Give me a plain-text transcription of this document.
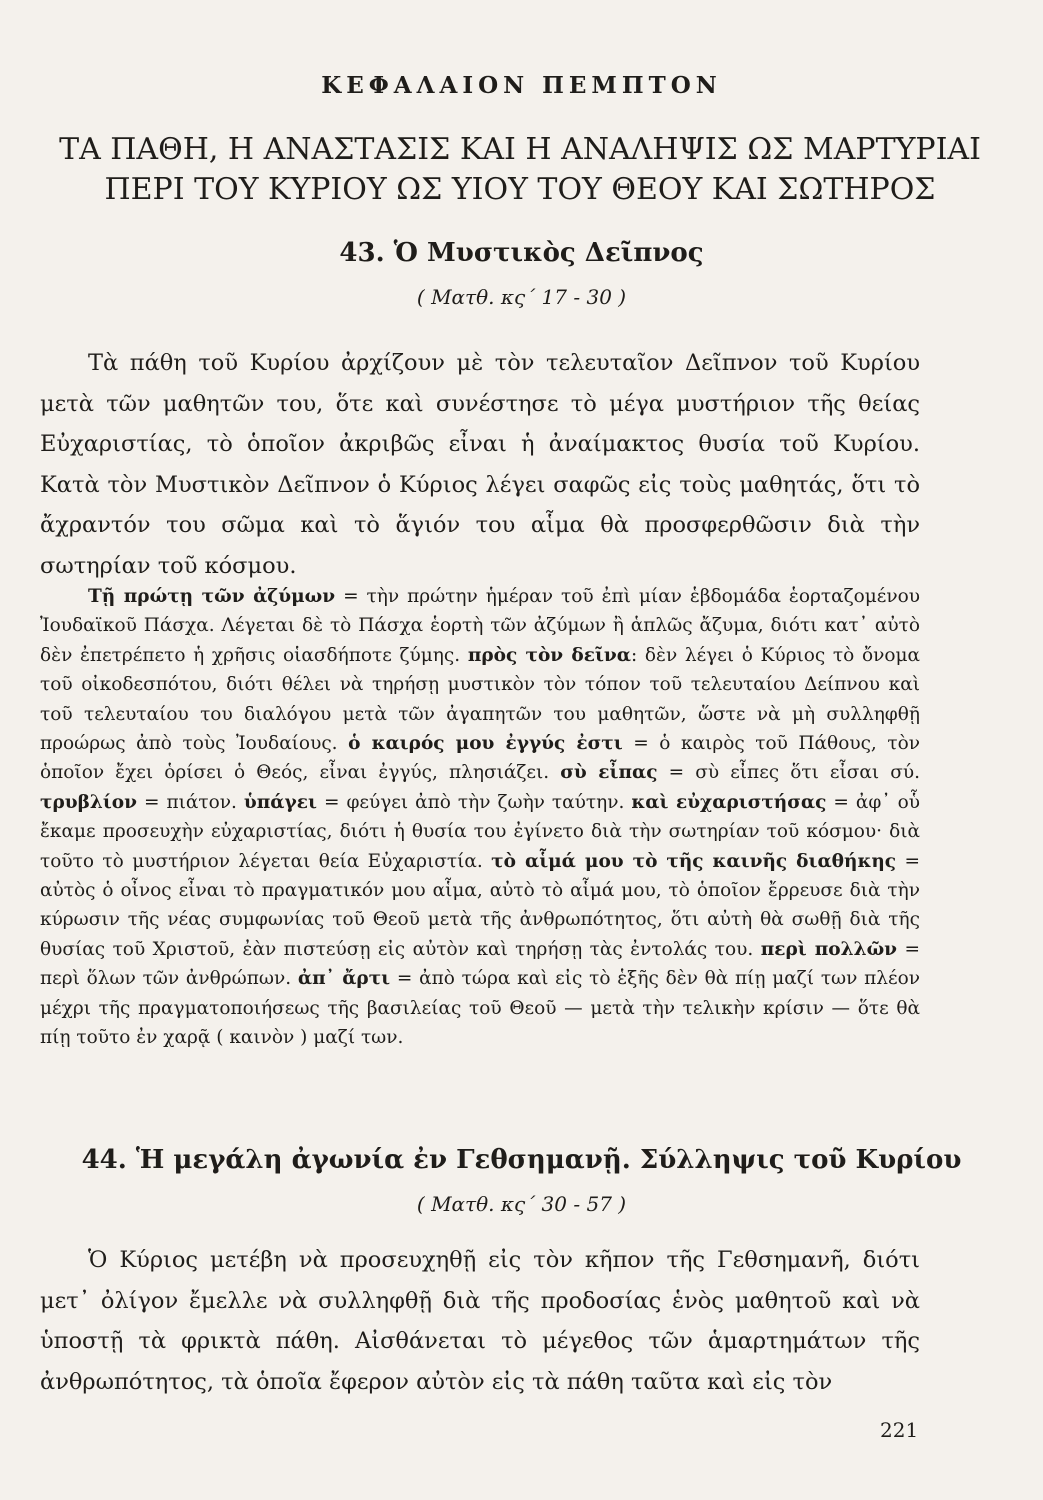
ΚΕΦΑΛΑΙΟΝ ΠΕΜΠΤΟΝ
ΤΑ ΠΑΘΗ, Η ΑΝΑΣΤΑΣΙΣ ΚΑΙ Η ΑΝΑΛΗΨΙΣ ΩΣ ΜΑΡΤΥΡΙΑΙ ΠΕΡΙ ΤΟΥ ΚΥΡΙΟΥ ΩΣ ΥΙΟΥ ΤΟΥ ΘΕΟΥ ΚΑΙ ΣΩΤΗΡΟΣ
43. Ὁ Μυστικὸς Δεῖπνος
( Ματθ. κς΄ 17 - 30 )

Τὰ πάθη τοῦ Κυρίου ἀρχίζουν μὲ τὸν τελευταῖον Δεῖπνον τοῦ Κυρίου μετὰ τῶν μαθητῶν του, ὅτε καὶ συνέστησε τὸ μέγα μυστήριον τῆς θείας Εὐχαριστίας, τὸ ὁποῖον ἀκριβῶς εἶναι ἡ ἀναίμακτος θυσία τοῦ Κυρίου. Κατὰ τὸν Μυστικὸν Δεῖπνον ὁ Κύριος λέγει σαφῶς εἰς τοὺς μαθητάς, ὅτι τὸ ἄχραντόν του σῶμα καὶ τὸ ἅγιόν του αἷμα θὰ προσφερθῶσιν διὰ τὴν σωτηρίαν τοῦ κόσμου.

Τῇ πρώτῃ τῶν ἀζύμων = τὴν πρώτην ἡμέραν τοῦ ἐπὶ μίαν ἑβδομάδα ἑορταζομένου Ἰουδαϊκοῦ Πάσχα. Λέγεται δὲ τὸ Πάσχα ἑορτὴ τῶν ἀζύμων ἢ ἁπλῶς ἄζυμα, διότι κατ᾽ αὐτὸ δὲν ἐπετρέπετο ἡ χρῆσις οἱασδήποτε ζύμης. πρὸς τὸν δεῖνα: δὲν λέγει ὁ Κύριος τὸ ὄνομα τοῦ οἰκοδεσπότου, διότι θέλει νὰ τηρήσῃ μυστικὸν τὸν τόπον τοῦ τελευταίου Δείπνου καὶ τοῦ τελευταίου του διαλόγου μετὰ τῶν ἀγαπητῶν του μαθητῶν, ὥστε νὰ μὴ συλληφθῇ προώρως ἀπὸ τοὺς Ἰουδαίους. ὁ καιρός μου ἐγγύς ἐστι = ὁ καιρὸς τοῦ Πάθους, τὸν ὁποῖον ἔχει ὁρίσει ὁ Θεός, εἶναι ἐγγύς, πλησιάζει. σὺ εἶπας = σὺ εἶπες ὅτι εἶσαι σύ. τρυβλίον = πιάτον. ὑπάγει = φεύγει ἀπὸ τὴν ζωὴν ταύτην. καὶ εὐχαριστήσας = ἀφ᾽ οὗ ἔκαμε προσευχὴν εὐχαριστίας, διότι ἡ θυσία του ἐγίνετο διὰ τὴν σωτηρίαν τοῦ κόσμου· διὰ τοῦτο τὸ μυστήριον λέγεται θεία Εὐχαριστία. τὸ αἷμά μου τὸ τῆς καινῆς διαθήκης = αὐτὸς ὁ οἶνος εἶναι τὸ πραγματικόν μου αἷμα, αὐτὸ τὸ αἷμά μου, τὸ ὁποῖον ἔρρευσε διὰ τὴν κύρωσιν τῆς νέας συμφωνίας τοῦ Θεοῦ μετὰ τῆς ἀνθρωπότητος, ὅτι αὐτὴ θὰ σωθῇ διὰ τῆς θυσίας τοῦ Χριστοῦ, ἐὰν πιστεύσῃ εἰς αὐτὸν καὶ τηρήσῃ τὰς ἐντολάς του. περὶ πολλῶν = περὶ ὅλων τῶν ἀνθρώπων. ἀπ᾽ ἄρτι = ἀπὸ τώρα καὶ εἰς τὸ ἑξῆς δὲν θὰ πίῃ μαζί των πλέον μέχρι τῆς πραγματοποιήσεως τῆς βασιλείας τοῦ Θεοῦ — μετὰ τὴν τελικὴν κρίσιν — ὅτε θὰ πίῃ τοῦτο ἐν χαρᾷ ( καινὸν ) μαζί των.

44. Ἡ μεγάλη ἀγωνία ἐν Γεθσημανῇ. Σύλληψις τοῦ Κυρίου
( Ματθ. κς΄ 30 - 57 )

Ὁ Κύριος μετέβη νὰ προσευχηθῇ εἰς τὸν κῆπον τῆς Γεθσημανῆ, διότι μετ᾽ ὀλίγον ἔμελλε νὰ συλληφθῇ διὰ τῆς προδοσίας ἑνὸς μαθητοῦ καὶ νὰ ὑποστῇ τὰ φρικτὰ πάθη. Αἰσθάνεται τὸ μέγεθος τῶν ἁμαρτημάτων τῆς ἀνθρωπότητος, τὰ ὁποῖα ἔφερον αὐτὸν εἰς τὰ πάθη ταῦτα καὶ εἰς τὸν

221
